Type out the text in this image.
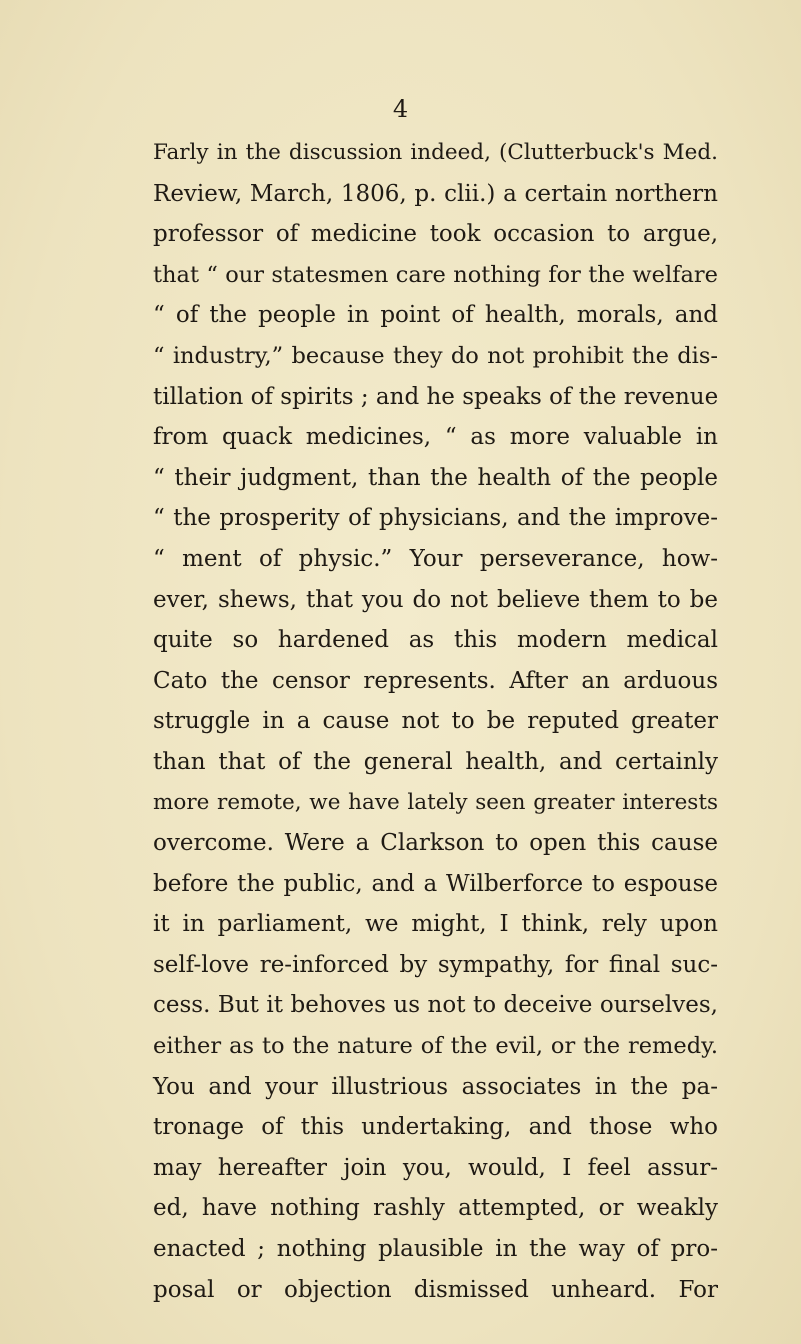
4
Farly in the discussion indeed, (Clutterbuck's Med.
Review, March, 1806, p. clii.) a certain northern
professor of medicine took occasion to argue,
that “ our statesmen care nothing for the welfare
“ of the people in point of health, morals, and
“ industry,” because they do not prohibit the dis-
tillation of spirits ; and he speaks of the revenue
from quack medicines, “ as more valuable in
“ their judgment, than the health of the people
“ the prosperity of physicians, and the improve-
“ ment of physic.” Your perseverance, how-
ever, shews, that you do not believe them to be
quite so hardened as this modern medical
Cato the censor represents. After an arduous
struggle in a cause not to be reputed greater
than that of the general health, and certainly
more remote, we have lately seen greater interests
overcome. Were a Clarkson to open this cause
before the public, and a Wilberforce to espouse
it in parliament, we might, I think, rely upon
self-love re-inforced by sympathy, for final suc-
cess. But it behoves us not to deceive ourselves,
either as to the nature of the evil, or the remedy.
You and your illustrious associates in the pa-
tronage of this undertaking, and those who
may hereafter join you, would, I feel assur-
ed, have nothing rashly attempted, or weakly
enacted ; nothing plausible in the way of pro-
posal or objection dismissed unheard. For
